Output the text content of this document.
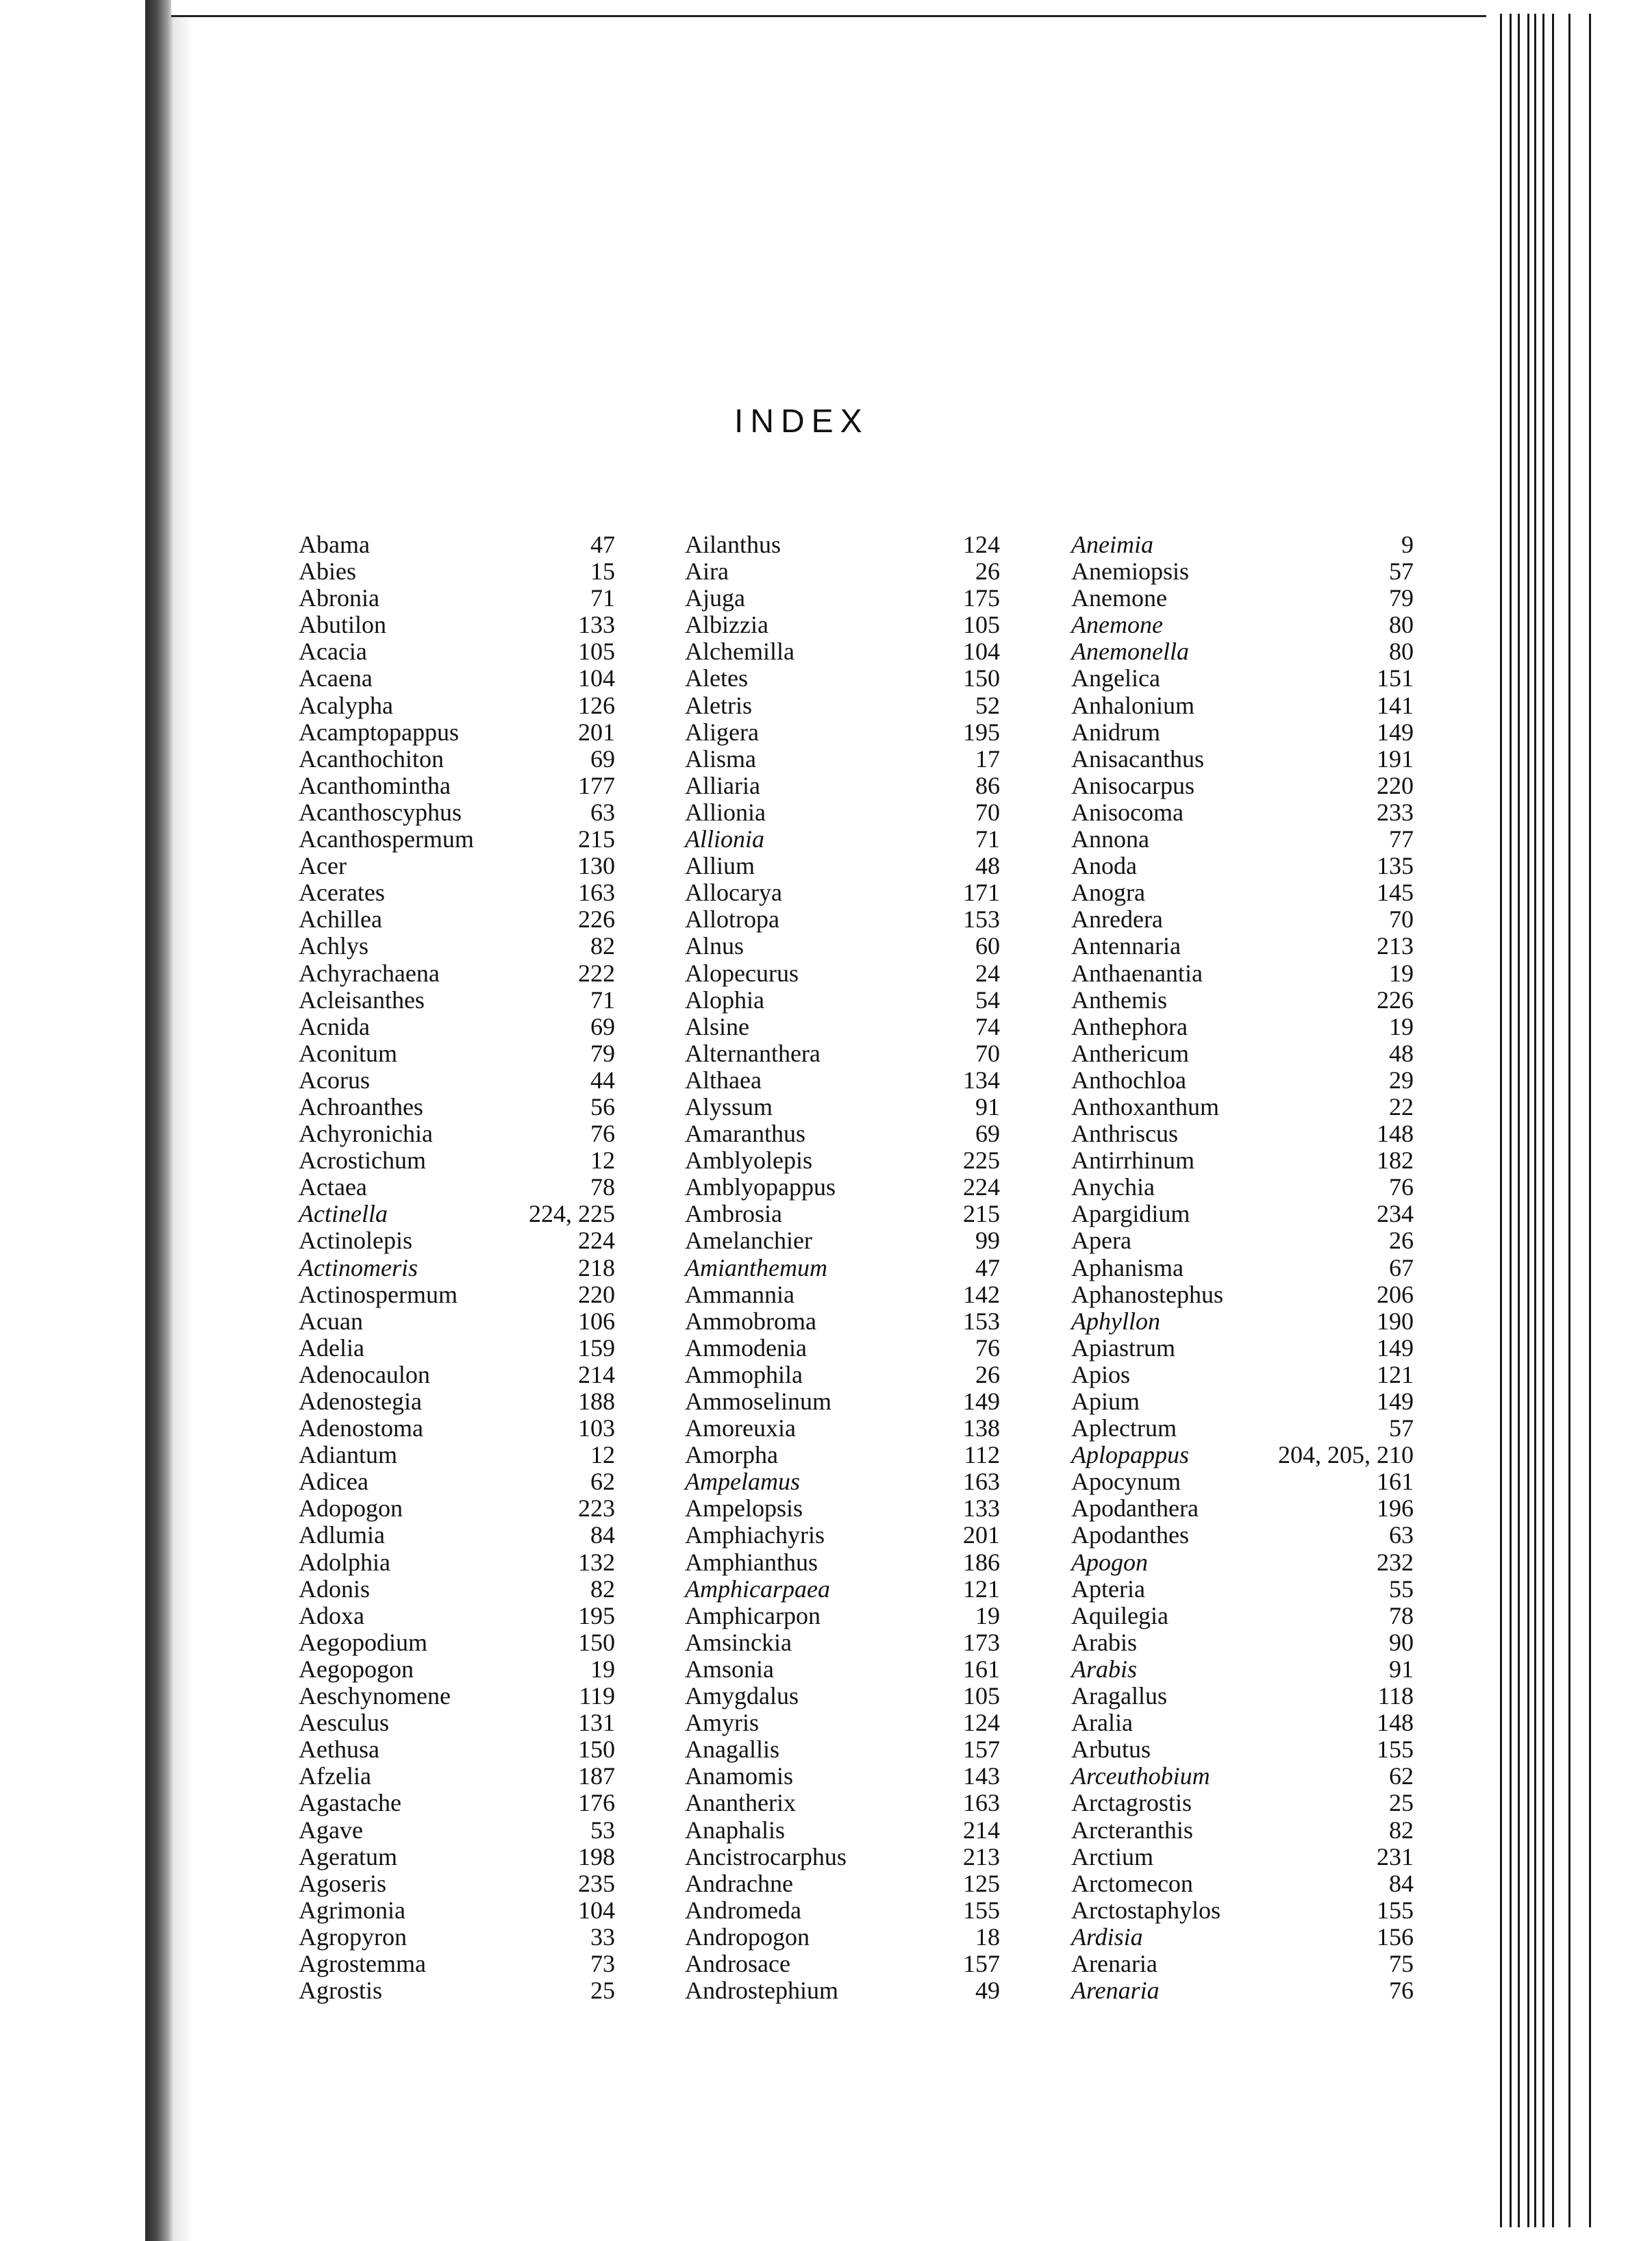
INDEX
Abama	47
Abies	15
Abronia	71
Abutilon	133
Acacia	105
Acaena	104
Acalypha	126
Acamptopappus	201
Acanthochiton	69
Acanthomintha	177
Acanthoscyphus	63
Acanthospermum	215
Acer	130
Acerates	163
Achillea	226
Achlys	82
Achyrachaena	222
Acleisanthes	71
Acnida	69
Aconitum	79
Acorus	44
Achroanthes	56
Achyronichia	76
Acrostichum	12
Actaea	78
Actinella	224, 225
Actinolepis	224
Actinomeris	218
Actinospermum	220
Acuan	106
Adelia	159
Adenocaulon	214
Adenostegia	188
Adenostoma	103
Adiantum	12
Adicea	62
Adopogon	223
Adlumia	84
Adolphia	132
Adonis	82
Adoxa	195
Aegopodium	150
Aegopogon	19
Aeschynomene	119
Aesculus	131
Aethusa	150
Afzelia	187
Agastache	176
Agave	53
Ageratum	198
Agoseris	235
Agrimonia	104
Agropyron	33
Agrostemma	73
Agrostis	25
Ailanthus	124
Aira	26
Ajuga	175
Albizzia	105
Alchemilla	104
Aletes	150
Aletris	52
Aligera	195
Alisma	17
Alliaria	86
Allionia	70
Allionia	71
Allium	48
Allocarya	171
Allotropa	153
Alnus	60
Alopecurus	24
Alophia	54
Alsine	74
Alternanthera	70
Althaea	134
Alyssum	91
Amaranthus	69
Amblyolepis	225
Amblyopappus	224
Ambrosia	215
Amelanchier	99
Amianthemum	47
Ammannia	142
Ammobroma	153
Ammodenia	76
Ammophila	26
Ammoselinum	149
Amoreuxia	138
Amorpha	112
Ampelamus	163
Ampelopsis	133
Amphiachyris	201
Amphianthus	186
Amphicarpaea	121
Amphicarpon	19
Amsinckia	173
Amsonia	161
Amygdalus	105
Amyris	124
Anagallis	157
Anamomis	143
Anantherix	163
Anaphalis	214
Ancistrocarphus	213
Andrachne	125
Andromeda	155
Andropogon	18
Androsace	157
Androstephium	49
Aneimia	9
Anemiopsis	57
Anemone	79
Anemone	80
Anemonella	80
Angelica	151
Anhalonium	141
Anidrum	149
Anisacanthus	191
Anisocarpus	220
Anisocoma	233
Annona	77
Anoda	135
Anogra	145
Anredera	70
Antennaria	213
Anthaenantia	19
Anthemis	226
Anthephora	19
Anthericum	48
Anthochloa	29
Anthoxanthum	22
Anthriscus	148
Antirrhinum	182
Anychia	76
Apargidium	234
Apera	26
Aphanisma	67
Aphanostephus	206
Aphyllon	190
Apiastrum	149
Apios	121
Apium	149
Aplectrum	57
Aplopappus	204, 205, 210
Apocynum	161
Apodanthera	196
Apodanthes	63
Apogon	232
Apteria	55
Aquilegia	78
Arabis	90
Arabis	91
Aragallus	118
Aralia	148
Arbutus	155
Arceuthobium	62
Arctagrostis	25
Arcteranthis	82
Arctium	231
Arctomecon	84
Arctostaphylos	155
Ardisia	156
Arenaria	75
Arenaria	76
